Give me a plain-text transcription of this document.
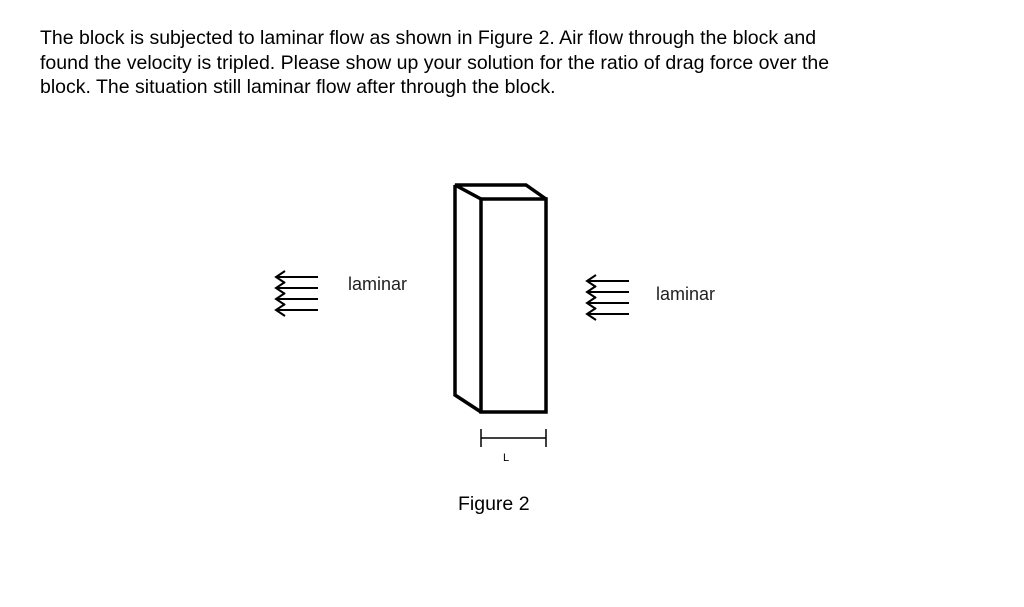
The block is subjected to laminar flow as shown in Figure 2. Air flow through the block and
found the velocity is tripled. Please show up your solution for the ratio of drag force over the
block. The situation still laminar flow after through the block.
laminar	laminar
L
Figure 2
